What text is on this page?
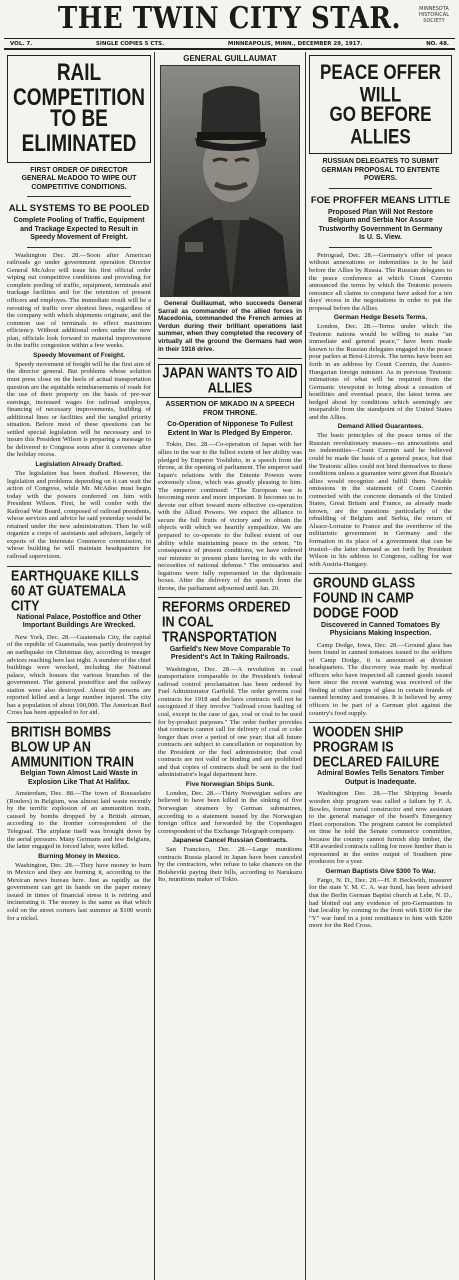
THE TWIN CITY STAR.	MINNESOTA
HISTORICAL
SOCIETY
VOL. 7.	SINGLE COPIES 5 CTS.	MINNEAPOLIS, MINN., DECEMBER 29, 1917.	NO. 48.
RAIL COMPETITION
TO BE ELIMINATED
FIRST ORDER OF DIRECTOR GENERAL McADOO TO WIPE OUT COMPETITIVE CONDITIONS.
ALL SYSTEMS TO BE POOLED
Complete Pooling of Traffic, Equipment and Trackage Expected to Result in Speedy Movement of Freight.
Washington Dec. 28.—Soon after American railroads go under government operation Director General McAdoo will issue his first official order wiping out competitive conditions and providing for complete pooling of traffic, equipment, terminals and trackage facilities and for the retention of present officers and employes. The immediate result will be a rerouting of traffic over shortest lines, regardless of the company with which shipments originate, and the common use of terminals to effect maximum efficiency. Without additional orders under the new plan, officials look forward to material improvement in the traffic congestion within a few weeks.
Speedy Movement of Freight.
Speedy movement of freight will be the first aim of the director general. But problems whose solution must press close on the heels of actual transportation question are the equitable reimbursements of roads for the use of their property on the basis of pre-war earnings, increased wages for railroad employes, financing of necessary improvements, building of additional lines or facilities and the tangled priority situation. Before most of these questions can be settled special legislation will be necessary and to insure this President Wilson is preparing a message to be delivered to Congress soon after it convenes after the holiday recess.
Legislation Already Drafted.
The legislation has been drafted. However, the legislation and problems depending on it can wait the action of Congress, while Mr. McAdoo must begin today with the powers conferred on him with President Wilson. First, he will confer with the Railroad War Board, composed of railroad presidents, whose services and advice he said yesterday would be retained under the new administration. Then he will organize a corps of assistants and advisers, largely of experts of the Interstate Commerce commission, in whose building he will maintain headquarters for railroad supervision.
EARTHQUAKE KILLS 60 AT GUATEMALA CITY
National Palace, Postoffice and Other Important Buildings Are Wrecked.
New York, Dec. 28.—Guatemala City, the capital of the republic of Guatemala, was partly destroyed by an earthquake on Christmas day, according to meager advices reaching here last night. A number of the chief buildings were wrecked, including the National palace, which houses the various branches of the government. The general postoffice and the railway station were also destroyed. About 60 persons are reported killed and a large number injured. The city has a population of about 100,000. The American Red Cross has been appealed to for aid.
BRITISH BOMBS BLOW UP AN AMMUNITION TRAIN
Belgian Town Almost Laid Waste in Explosion Like That At Halifax.
Amsterdam, Dec. 88.—The town of Rousselaire (Roulers) in Belgium, was almost laid waste recently by the terrific explosion of an ammunition train, caused by bombs dropped by a British airman, according to the frontier correspondent of the Telegraaf. The airplane itself was brought down by the aerial pressure. Many Germans and few Belgians, the latter engaged in forced labor, were killed.
Burning Money in Mexico.
Washington, Dec. 28.—They have money to burn in Mexico and they are burning it, according to the Mexican news bureau here. Just as rapidly as the government can get its hands on the paper money issued in times of financial stress it is retiring and incinerating it. The money is the same as that which sold on the street corners last summer at $100 worth for a nickel.
GENERAL GUILLAUMAT
General Guillaumat, who succeeds General Sarrail as commander of the allied forces in Macedonia, commanded the French armies at Verdun during their brilliant operations last summer, when they completed the recovery of virtually all the ground the Germans had won in their 1916 drive.
JAPAN WANTS TO AID ALLIES
ASSERTION OF MIKADO IN A SPEECH FROM THRONE.
Co-Operation of Nipponese To Fullest Extent In War Is Pledged By Emperor.
Tokio, Dec. 28.—Co-operation of Japan with her allies in the war to the fullest extent of her ability was pledged by Emperor Yoshihito, in a speech from the throne, at the opening of parliament. The emperor said Japan's relations with the Entente Powers were extremely close, which was greatly pleasing to him. The emperor continued: "The European war is becoming more and more important. It becomes us to devote our effort toward more effective co-operation with the Allied Powers. We expect the alliance to secure the full fruits of victory and to obtain the objects with which we heartily sympathize. We are prepared to co-operate to the fullest extent of our ability while maintaining peace in the orient. "In consequence of present conditions, we have ordered our minister to present plans having to do with the necessities of national defense." The emissaries and legations were fully represented in the diplomatic boxes. After the delivery of the speech from the throne, the parliament adjourned until Jan. 20.
REFORMS ORDERED IN COAL TRANSPORTATION
Garfield's New Move Comparable To President's Act In Taking Railroads.
Washington, Dec. 28.—A revolution in coal transportation comparable to the President's federal railroad control proclamation has been ordered by Fuel Administrator Garfield. The order governs coal contracts for 1918 and declares contracts will not be recognized if they involve "railroad cross hauling of coal, except in the case of gas, coal or coal to be used for by-product purposes." The order further provides that contracts cannot call for delivery of coal or coke longer than over a period of one year; that all future contracts are subject to cancellation or requisition by the President or the fuel administrator; that coal contracts are not valid or binding and are prohibited and that copies of contracts shall be sent to the fuel administrator's legal department here.
Five Norwegian Ships Sunk.
London, Dec. 28.—Thirty Norwegian sailors are believed to have been killed in the sinking of five Norwegian steamers by German submarines, according to a statement issued by the Norwegian foreign office and forwarded by the Copenhagen correspondent of the Exchange Telegraph company.
Japanese Cancel Russian Contracts.
San Francisco, Dec. 28.—Large munitions contracts Russia placed in Japan have been canceled by the contractors, who refuse to take chances on the Bolsheviki paying their bills, according to Narukazu Ito, munitions maker of Tokio.
PEACE OFFER WILL
GO BEFORE ALLIES
RUSSIAN DELEGATES TO SUBMIT GERMAN PROPOSAL TO ENTENTE POWERS.
FOE PROFFER MEANS LITTLE
Proposed Plan Will Not Restore Belgium and Serbia Nor Assure Trustworthy Government In Germany Is U. S. View.
Petrograd, Dec. 28.—Germany's offer of peace without annexations or indemnities is to be laid before the Allies by Russia. The Russian delegates to the peace conference at which Count Czernin announced the terms by which the Teutonic powers renounce all claims to conquest have asked for a ten days' recess in the negotiations in order to put the proposal before the Allies.
German Hedge Besets Terms.
London, Dec. 28.—Terms under which the Teutonic nations would be willing to make "an immediate and general peace," have been made known to the Russian delegates engaged in the peace pour parlers at Brest-Litovsk. The terms have been set forth in an address by Count Czernin, the Austro-Hungarian foreign minister. As in previous Teutonic intimations of what will be required from the Germanic viewpoint to bring about a cessation of hostilities and eventual peace, the latest terms are hedged about by conditions which seemingly are inseparable from the standpoint of the United States and the Allies.
Demand Allied Guarantees.
The basic principles of the peace terms of the Russian revolutionary masses—no annexations and no indemnities—Count Czernin said he believed could be made the basis of a general peace, but that the Teutonic allies could not bind themselves to these conditions unless a guarantee were given that Russia's allies would recognize and fulfill them. Notable omissions in the statement of Count Czernin connected with the concrete demands of the United States, Great Britain and France, as already made known, are the questions particularly of the rebuilding of Belgium and Serbia, the return of Alsace-Lorraine to France and the overthrow of the militaristic government in Germany and the formation in its place of a government that can be trusted—the latter demand as set forth by President Wilson in his address to Congress, calling for war with Austria-Hungary.
GROUND GLASS FOUND IN CAMP DODGE FOOD
Discovered in Canned Tomatoes By Physicians Making Inspection.
Camp Dodge, Iowa, Dec. 28.—Ground glass has been found in canned tomatoes issued to the soldiers of Camp Dodge, it is announced at division headquarters. The discovery was made by medical officers who have inspected all canned goods issued here since the recent warning was received of the finding at other camps of glass in certain brands of canned hominy and tomatoes. It is believed by army officers to be part of a German plot against the country's food supply.
WOODEN SHIP PROGRAM IS DECLARED FAILURE
Admiral Bowles Tells Senators Timber Output is Inadequate.
Washington Dec. 28.—The Shipping boards wooden ship program was called a failure by F. A. Bowles, former naval constructor and now assistant to the general manager of the board's Emergency Fleet corporation. The program cannot be completed on time he told the Senate commerce committee, because the country cannot furnish ship timber, the 458 awarded contracts calling for more lumber than is represented in the entire output of Southern pine producers for a year.
German Baptists Give $300 To War.
Fargo, N. D., Dec. 28.—H. P. Beckwith, treasurer for the state Y. M. C. A. war fund, has been advised that the Berlin German Baptist church at Lehr, N. D., had blotted out any evidence of pro-Germanism in that locality by coming to the front with $100 for the "Y" war fund in a joint remittance to him with $200 more for the Red Cross.
